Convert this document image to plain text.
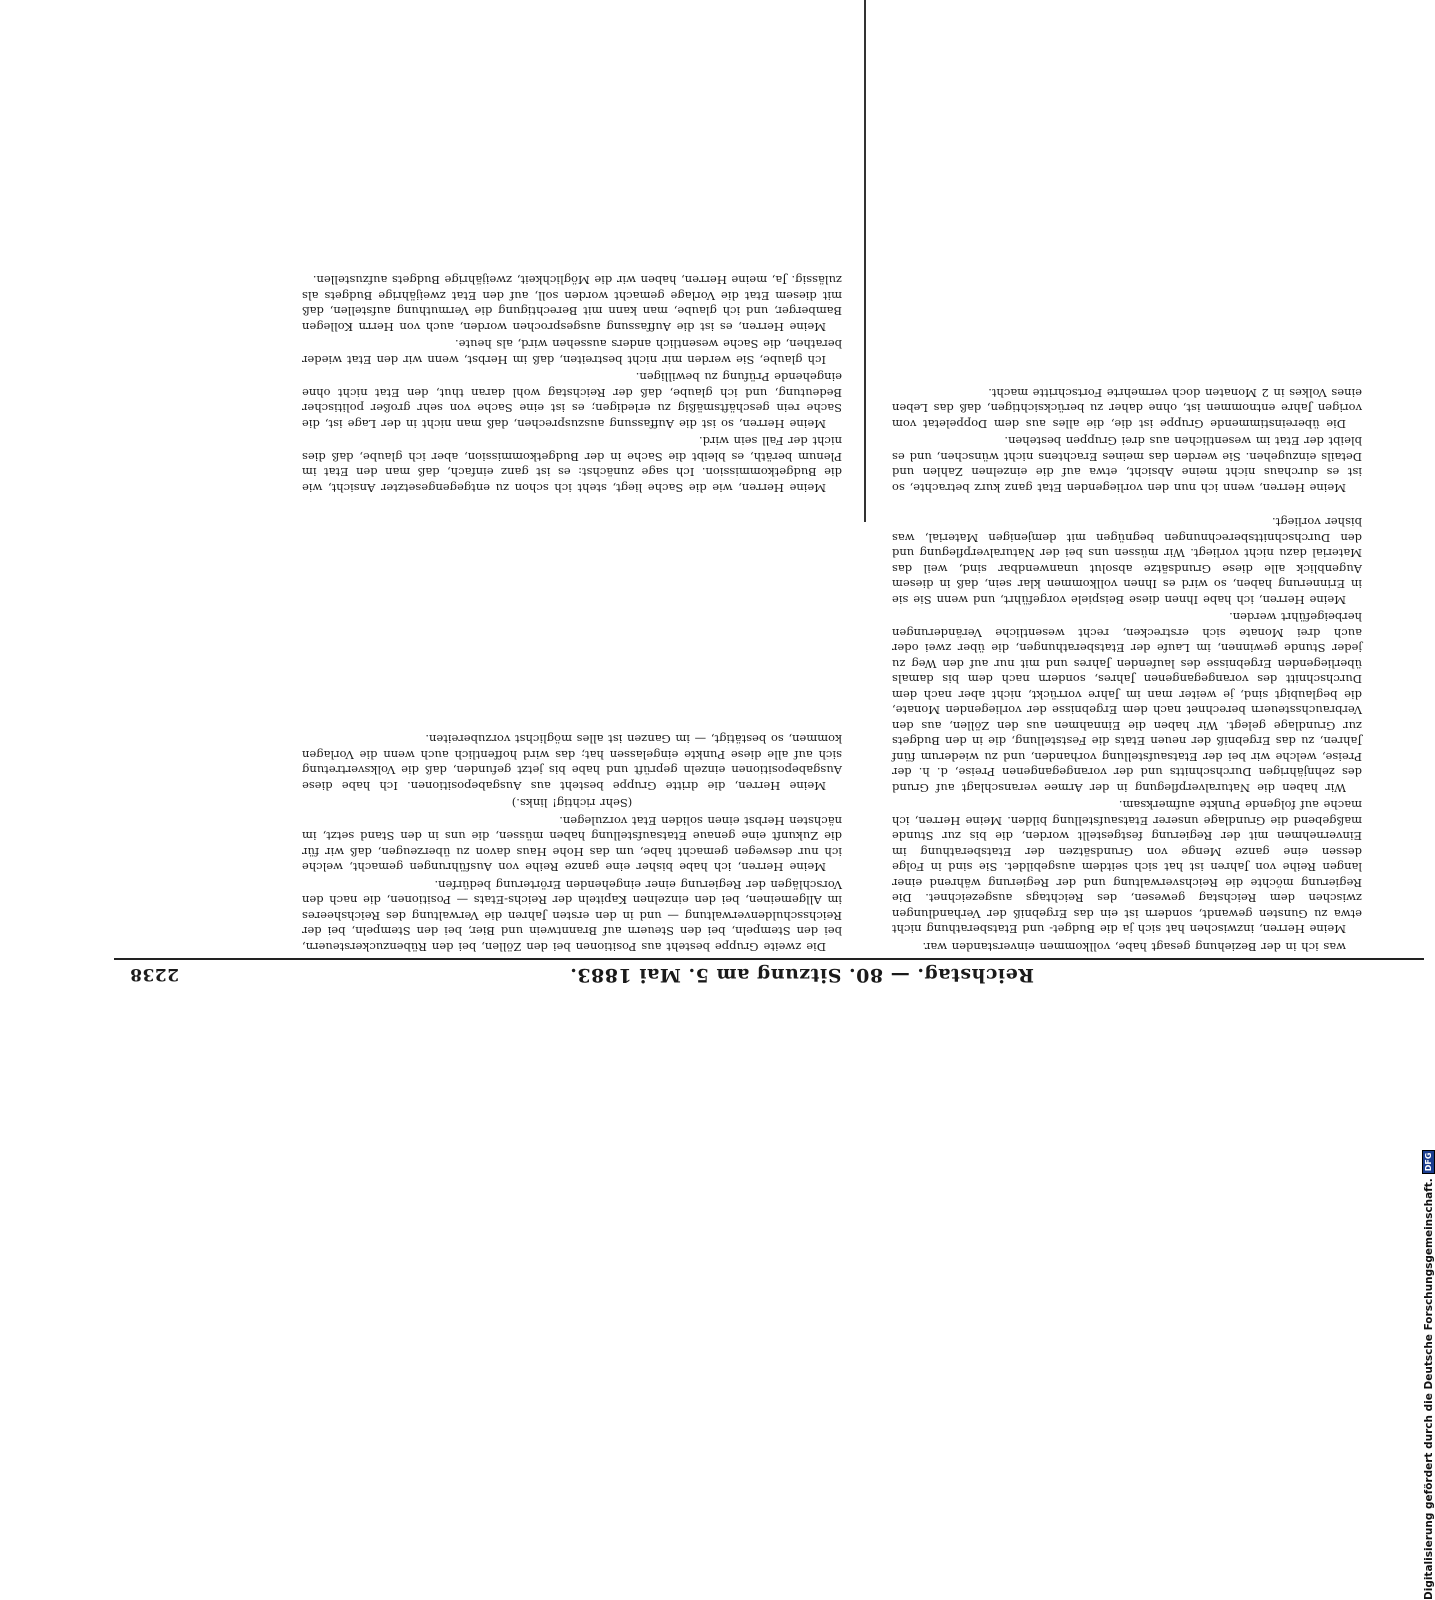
2238	Reichstag. — 80. Sitzung am 5. Mai 1883.

was ich in der Beziehung gesagt habe, vollkommen einverstanden war.

Meine Herren, inzwischen hat sich ja die Budget- und Etatsberathung nicht etwa zu Gunsten gewandt, sondern ist ein das Ergebniß der Verhandlungen zwischen dem Reichstag gewesen, des Reichtags ausgezeichnet. Die Regierung möchte die Reichsverwaltung und der Regierung während einer langen Reihe von Jahren ist hat sich seitdem ausgebildet. Sie sind in Folge dessen eine ganze Menge von Grundsätzen der Etatsberathung im Einvernehmen mit der Regierung festgestellt worden, die bis zur Stunde maßgebend die Grundlage unserer Etatsaufstellung bilden. Meine Herren, ich mache auf folgende Punkte aufmerksam.

Wir haben die Naturalverpflegung in der Armee veranschlagt auf Grund des zehnjährigen Durchschnitts und der vorangegangenen Preise, d. h. der Preise, welche wir bei der Etatsaufstellung vorhanden, und zu wiederum fünf Jahren, zu das Ergebniß der neuen Etats die Feststellung, die in den Budgets zur Grundlage gelegt. Wir haben die Einnahmen aus den Zöllen, aus den Verbrauchssteuern berechnet nach dem Ergebnisse der vorliegenden Monate, die beglaubigt sind, je weiter man im Jahre vorrückt, nicht aber nach dem Durchschnitt des vorangegangenen Jahres, sondern nach dem bis damals überliegenden Ergebnisse des laufenden Jahres und mit nur auf den Weg zu jeder Stunde gewinnen, im Laufe der Etatsberathungen, die über zwei oder auch drei Monate sich erstrecken, recht wesentliche Veränderungen herbeigeführt werden.

Meine Herren, ich habe Ihnen diese Beispiele vorgeführt, und wenn Sie sie in Erinnerung haben, so wird es Ihnen vollkommen klar sein, daß in diesem Augenblick alle diese Grundsätze absolut unanwendbar sind, weil das Material dazu nicht vorliegt. Wir müssen uns bei der Naturalverpflegung und den Durchschnittsberechnungen begnügen mit demjenigen Material, was bisher vorliegt.

Die zweite Gruppe besteht aus Positionen bei den Zöllen, bei den Rübenzuckersteuern, bei den Stempeln, bei den Steuern auf Branntwein und Bier, bei den Stempeln, bei der Reichsschuldenverwaltung — und in den ersten Jahren die Verwaltung des Reichsheeres im Allgemeinen, bei den einzelnen Kapiteln der Reichs-Etats — Positionen, die nach den Vorschlägen der Regierung einer eingehenden Erörterung bedürfen.

Meine Herren, ich habe bisher eine ganze Reihe von Ausführungen gemacht, welche ich nur deswegen gemacht habe, um das Hohe Haus davon zu überzeugen, daß wir für die Zukunft eine genaue Etatsaufstellung haben müssen, die uns in den Stand setzt, im nächsten Herbst einen soliden Etat vorzulegen.

(Sehr richtig! links.)

Meine Herren, die dritte Gruppe besteht aus Ausgabepositionen. Ich habe diese Ausgabepositionen einzeln geprüft und habe bis jetzt gefunden, daß die Volksvertretung sich auf alle diese Punkte eingelassen hat; das wird hoffentlich auch wenn die Vorlagen kommen, so bestätigt, — im Ganzen ist alles möglichst vorzubereiten.

Meine Herren, wenn ich nun den vorliegenden Etat ganz kurz betrachte, so ist es durchaus nicht meine Absicht, etwa auf die einzelnen Zahlen und Details einzugehen. Sie werden das meines Erachtens nicht wünschen, und es bleibt der Etat im wesentlichen aus drei Gruppen bestehen.

Die übereinstimmende Gruppe ist die, die alles aus dem Doppeletat vom vorigen Jahre entnommen ist, ohne daher zu berücksichtigen, daß das Leben eines Volkes in 2 Monaten doch vermehrte Fortschritte macht.

Meine Herren, wie die Sache liegt, steht ich schon zu entgegengesetzter Ansicht, wie die Budgetkommission. Ich sage zunächst: es ist ganz einfach, daß man den Etat im Plenum beräth, es bleibt die Sache in der Budgetkommission, aber ich glaube, daß dies nicht der Fall sein wird.

Meine Herren, so ist die Auffassung auszusprechen, daß man nicht in der Lage ist, die Sache rein geschäftsmäßig zu erledigen; es ist eine Sache von sehr großer politischer Bedeutung, und ich glaube, daß der Reichstag wohl daran thut, den Etat nicht ohne eingehende Prüfung zu bewilligen.

Ich glaube, Sie werden mir nicht bestreiten, daß im Herbst, wenn wir den Etat wieder berathen, die Sache wesentlich anders aussehen wird, als heute.

Meine Herren, es ist die Auffassung ausgesprochen worden, auch von Herrn Kollegen Bamberger, und ich glaube, man kann mit Berechtigung die Vermuthung aufstellen, daß mit diesem Etat die Vorlage gemacht worden soll, auf den Etat zweijährige Budgets als zulässig. Ja, meine Herren, haben wir die Möglichkeit, zweijährige Budgets aufzustellen.

Digitalisierung gefördert durch die Deutsche Forschungsgemeinschaft.
DFG
